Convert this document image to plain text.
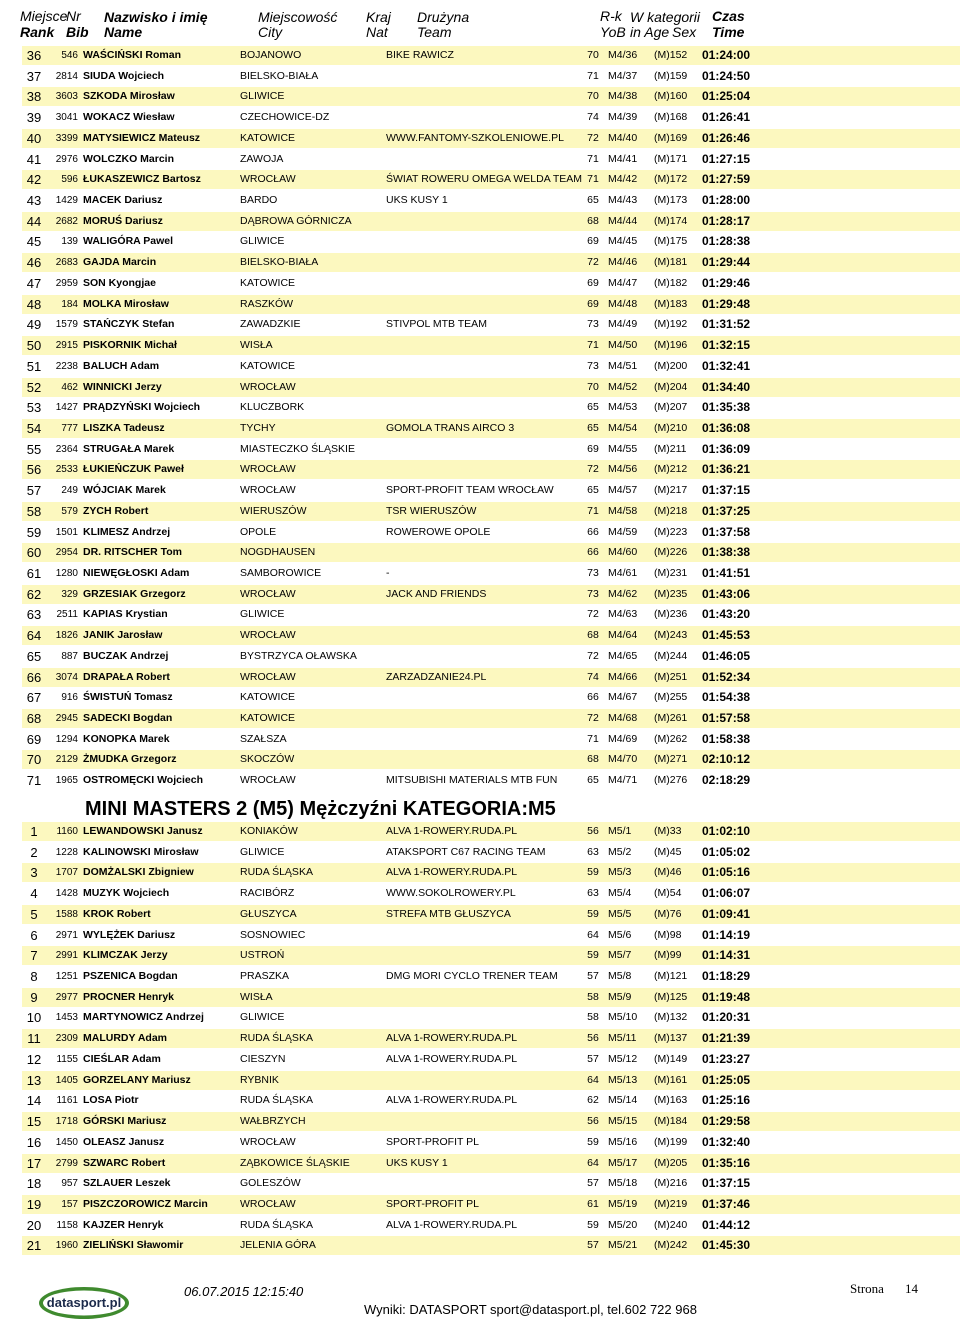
Miejsce
Rank
Nr
Bib
Nazwisko i imię
Name
Miejscowość
City
Kraj
Nat
Drużyna
Team
R-k
YoB
W kategorii
in Age Sex
Czas
Time
36	546 WAŚCIŃSKI Roman	BOJANOWO	BIKE RAWICZ	70 M4/36 (M)152 01:24:00
37	2814 SIUDA Wojciech	BIELSKO-BIAŁA	71 M4/37 (M)159 01:24:50
38	3603 SZKODA Mirosław	GLIWICE	70 M4/38 (M)160 01:25:04
39	3041 WOKACZ Wiesław	CZECHOWICE-DZ	74 M4/39 (M)168 01:26:41
40	3399 MATYSIEWICZ Mateusz	KATOWICE	WWW.FANTOMY-SZKOLENIOWE.PL 72 M4/40 (M)169 01:26:46
41	2976 WOLCZKO Marcin	ZAWOJA	71 M4/41 (M)171 01:27:15
42	596 ŁUKASZEWICZ Bartosz	WROCŁAW	ŚWIAT ROWERU OMEGA WELDA TEAM 71 M4/42 (M)172 01:27:59
43	1429 MACEK Dariusz	BARDO	UKS KUSY 1	65 M4/43 (M)173 01:28:00
44	2682 MORUŚ Dariusz	DĄBROWA GÓRNICZA	68 M4/44 (M)174 01:28:17
45	139 WALIGÓRA Pawel	GLIWICE	69 M4/45 (M)175 01:28:38
46	2683 GAJDA Marcin	BIELSKO-BIAŁA	72 M4/46 (M)181 01:29:44
47	2959 SON Kyongjae	KATOWICE	69 M4/47 (M)182 01:29:46
48	184 MOLKA Mirosław	RASZKÓW	69 M4/48 (M)183 01:29:48
49	1579 STAŃCZYK Stefan	ZAWADZKIE	STIVPOL MTB TEAM	73 M4/49 (M)192 01:31:52
50	2915 PISKORNIK Michał	WISŁA	71 M4/50 (M)196 01:32:15
51	2238 BALUCH Adam	KATOWICE	73 M4/51 (M)200 01:32:41
52	462 WINNICKI Jerzy	WROCŁAW	70 M4/52 (M)204 01:34:40
53	1427 PRĄDZYŃSKI Wojciech	KLUCZBORK	65 M4/53 (M)207 01:35:38
54	777 LISZKA Tadeusz	TYCHY	GOMOLA TRANS AIRCO 3	65 M4/54 (M)210 01:36:08
55	2364 STRUGAŁA Marek	MIASTECZKO ŚLĄSKIE	69 M4/55 (M)211 01:36:09
56	2533 ŁUKIEŃCZUK Paweł	WROCŁAW	72 M4/56 (M)212 01:36:21
57	249 WÓJCIAK Marek	WROCŁAW	SPORT-PROFIT TEAM WROCŁAW	65 M4/57 (M)217 01:37:15
58	579 ZYCH Robert	WIERUSZÓW	TSR WIERUSZÓW	71 M4/58 (M)218 01:37:25
59	1501 KLIMESZ Andrzej	OPOLE	ROWEROWE OPOLE	66 M4/59 (M)223 01:37:58
60	2954 DR. RITSCHER Tom	NOGDHAUSEN	66 M4/60 (M)226 01:38:38
61	1280 NIEWĘGŁOSKI Adam	SAMBOROWICE	-	73 M4/61 (M)231 01:41:51
62	329 GRZESIAK Grzegorz	WROCŁAW	JACK AND FRIENDS	73 M4/62 (M)235 01:43:06
63	2511 KAPIAS Krystian	GLIWICE	72 M4/63 (M)236 01:43:20
64	1826 JANIK Jarosław	WROCŁAW	68 M4/64 (M)243 01:45:53
65	887 BUCZAK Andrzej	BYSTRZYCA OŁAWSKA	72 M4/65 (M)244 01:46:05
66	3074 DRAPAŁA Robert	WROCŁAW	ZARZADZANIE24.PL	74 M4/66 (M)251 01:52:34
67	916 ŚWISTUŃ Tomasz	KATOWICE	66 M4/67 (M)255 01:54:38
68	2945 SADECKI Bogdan	KATOWICE	72 M4/68 (M)261 01:57:58
69	1294 KONOPKA Marek	SZAŁSZA	71 M4/69 (M)262 01:58:38
70	2129 ŻMUDKA Grzegorz	SKOCZÓW	68 M4/70 (M)271 02:10:12
71	1965 OSTROMĘCKI Wojciech	WROCŁAW	MITSUBISHI MATERIALS MTB FUN	65 M4/71 (M)276 02:18:29
MINI MASTERS 2 (M5) Mężczyźni KATEGORIA:M5
1	1160 LEWANDOWSKI Janusz	KONIAKÓW	ALVA 1-ROWERY.RUDA.PL	56 M5/1 (M)33 01:02:10
2	1228 KALINOWSKI Mirosław	GLIWICE	ATAKSPORT C67 RACING TEAM	63 M5/2 (M)45 01:05:02
3	1707 DOMŻALSKI Zbigniew	RUDA ŚLĄSKA	ALVA 1-ROWERY.RUDA.PL	59 M5/3 (M)46 01:05:16
4	1428 MUZYK Wojciech	RACIBÓRZ	WWW.SOKOLROWERY.PL	63 M5/4 (M)54 01:06:07
5	1588 KROK Robert	GŁUSZYCA	STREFA MTB GŁUSZYCA	59 M5/5 (M)76 01:09:41
6	2971 WYLĘŻEK Dariusz	SOSNOWIEC	64 M5/6 (M)98 01:14:19
7	2991 KLIMCZAK Jerzy	USTROŃ	59 M5/7 (M)99 01:14:31
8	1251 PSZENICA Bogdan	PRASZKA	DMG MORI CYCLO TRENER TEAM	57 M5/8 (M)121 01:18:29
9	2977 PROCNER Henryk	WISŁA	58 M5/9 (M)125 01:19:48
10	1453 MARTYNOWICZ Andrzej	GLIWICE	58 M5/10 (M)132 01:20:31
11	2309 MALURDY Adam	RUDA ŚLĄSKA	ALVA 1-ROWERY.RUDA.PL	56 M5/11 (M)137 01:21:39
12	1155 CIEŚLAR Adam	CIESZYN	ALVA 1-ROWERY.RUDA.PL	57 M5/12 (M)149 01:23:27
13	1405 GORZELANY Mariusz	RYBNIK	64 M5/13 (M)161 01:25:05
14	1161 LOSA Piotr	RUDA ŚLĄSKA	ALVA 1-ROWERY.RUDA.PL	62 M5/14 (M)163 01:25:16
15	1718 GÓRSKI Mariusz	WAŁBRZYCH	56 M5/15 (M)184 01:29:58
16	1450 OLEASZ Janusz	WROCŁAW	SPORT-PROFIT PL	59 M5/16 (M)199 01:32:40
17	2799 SZWARC Robert	ZĄBKOWICE ŚLĄSKIE	UKS KUSY 1	64 M5/17 (M)205 01:35:16
18	957 SZLAUER Leszek	GOLESZÓW	57 M5/18 (M)216 01:37:15
19	157 PISZCZOROWICZ Marcin	WROCŁAW	SPORT-PROFIT PL	61 M5/19 (M)219 01:37:46
20	1158 KAJZER Henryk	RUDA ŚLĄSKA	ALVA 1-ROWERY.RUDA.PL	59 M5/20 (M)240 01:44:12
21	1960 ZIELIŃSKI Sławomir	JELENIA GÓRA	57 M5/21 (M)242 01:45:30
datasport.pl
06.07.2015 12:15:40
Wyniki: DATASPORT sport@datasport.pl, tel.602 722 968
Strona 14
